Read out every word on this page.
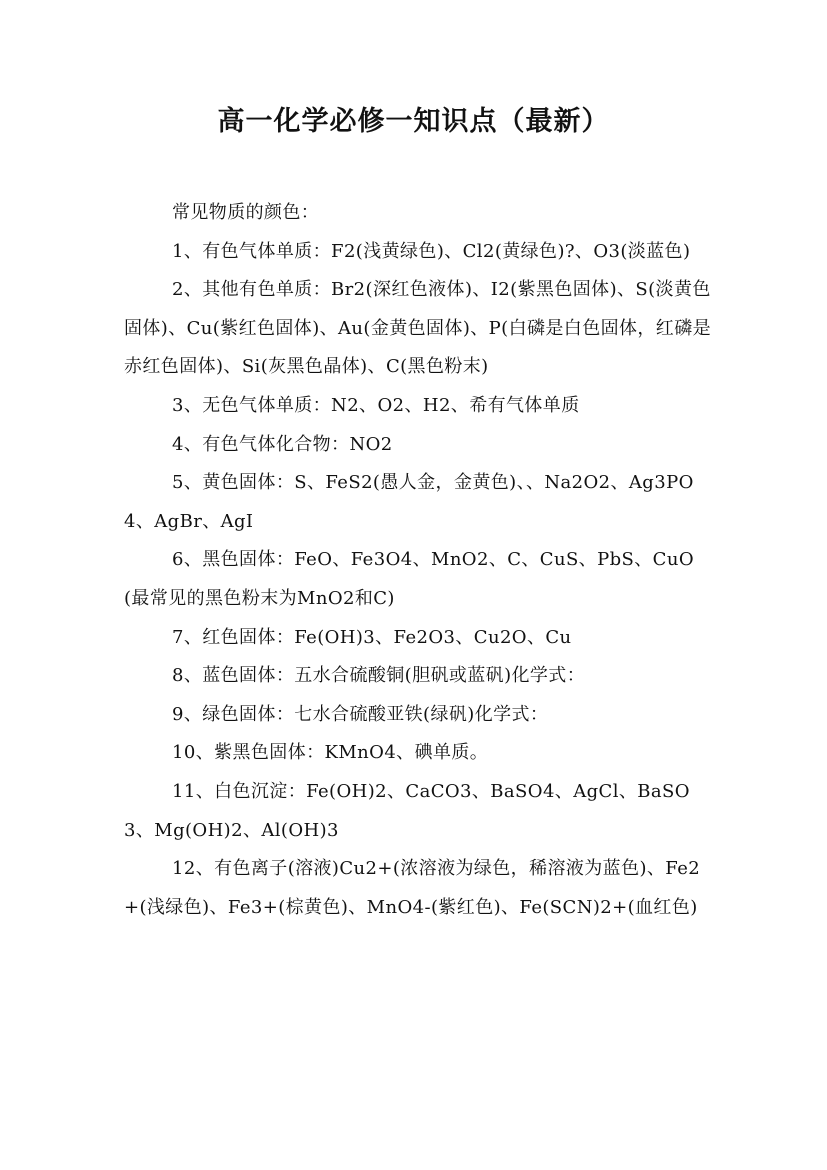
高一化学必修一知识点（最新）

常见物质的颜色：

1、有色气体单质：F2(浅黄绿色)、Cl2(黄绿色)?、O3(淡蓝色)

2、其他有色单质：Br2(深红色液体)、I2(紫黑色固体)、S(淡黄色固体)、Cu(紫红色固体)、Au(金黄色固体)、P(白磷是白色固体，红磷是赤红色固体)、Si(灰黑色晶体)、C(黑色粉末)

3、无色气体单质：N2、O2、H2、希有气体单质

4、有色气体化合物：NO2

5、黄色固体：S、FeS2(愚人金，金黄色)、、Na2O2、Ag3PO4、AgBr、AgI

6、黑色固体：FeO、Fe3O4、MnO2、C、CuS、PbS、CuO(最常见的黑色粉末为MnO2和C)

7、红色固体：Fe(OH)3、Fe2O3、Cu2O、Cu

8、蓝色固体：五水合硫酸铜(胆矾或蓝矾)化学式：

9、绿色固体：七水合硫酸亚铁(绿矾)化学式：

10、紫黑色固体：KMnO4、碘单质。

11、白色沉淀：Fe(OH)2、CaCO3、BaSO4、AgCl、BaSO3、Mg(OH)2、Al(OH)3

12、有色离子(溶液)Cu2+(浓溶液为绿色，稀溶液为蓝色)、Fe2+(浅绿色)、Fe3+(棕黄色)、MnO4-(紫红色)、Fe(SCN)2+(血红色)
